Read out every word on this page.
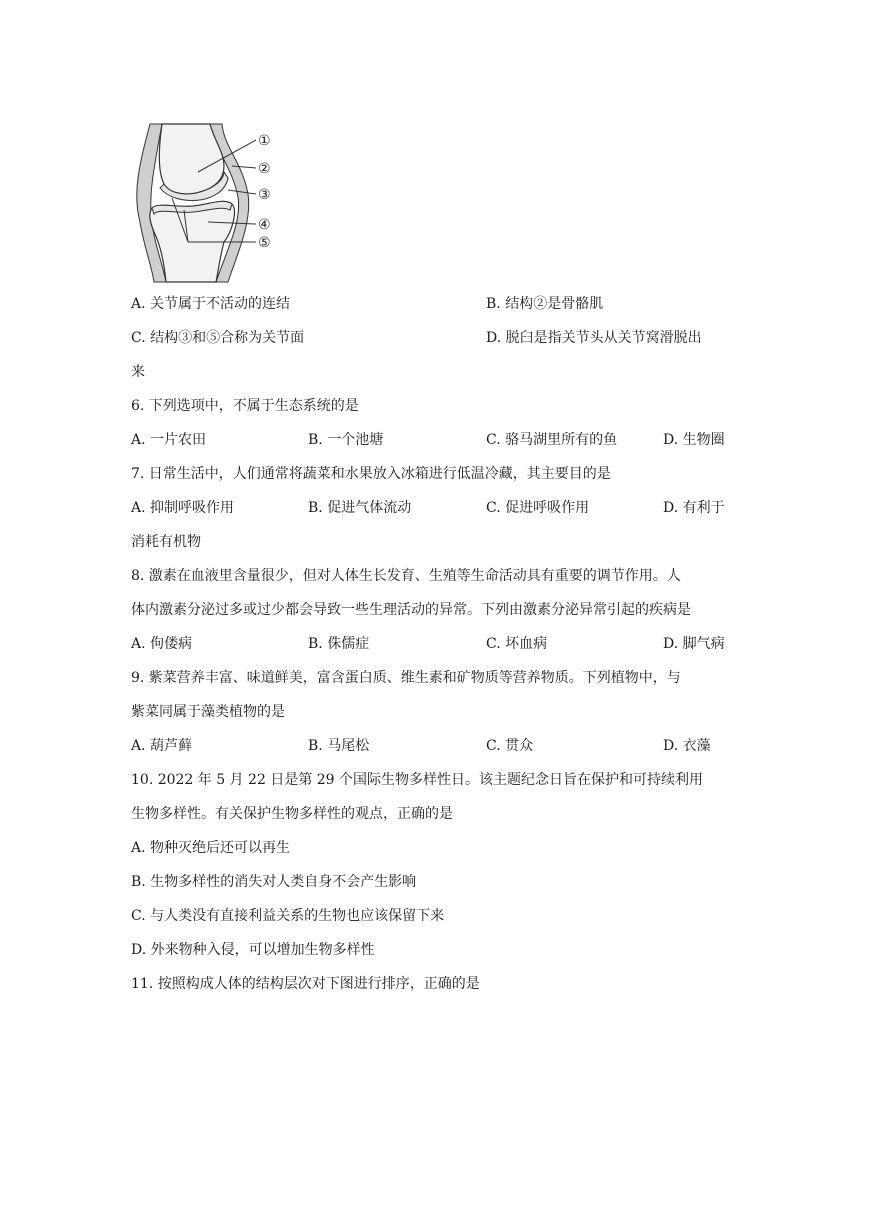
①
②
③
④
⑤
A. 关节属于不活动的连结	B. 结构②是骨骼肌
C. 结构③和⑤合称为关节面	D. 脱臼是指关节头从关节窝滑脱出
来
6. 下列选项中，不属于生态系统的是
A. 一片农田	B. 一个池塘	C. 骆马湖里所有的鱼	D. 生物圈
7. 日常生活中，人们通常将蔬菜和水果放入冰箱进行低温冷藏，其主要目的是
A. 抑制呼吸作用	B. 促进气体流动	C. 促进呼吸作用	D. 有利于
消耗有机物
8. 激素在血液里含量很少，但对人体生长发育、生殖等生命活动具有重要的调节作用。人
体内激素分泌过多或过少都会导致一些生理活动的异常。下列由激素分泌异常引起的疾病是
A. 佝偻病	B. 侏儒症	C. 坏血病	D. 脚气病
9. 紫菜营养丰富、味道鲜美，富含蛋白质、维生素和矿物质等营养物质。下列植物中，与
紫菜同属于藻类植物的是
A. 葫芦藓	B. 马尾松	C. 贯众	D. 衣藻
10. 2022 年 5 月 22 日是第 29 个国际生物多样性日。该主题纪念日旨在保护和可持续利用
生物多样性。有关保护生物多样性的观点，正确的是
A. 物种灭绝后还可以再生
B. 生物多样性的消失对人类自身不会产生影响
C. 与人类没有直接利益关系的生物也应该保留下来
D. 外来物种入侵，可以增加生物多样性
11. 按照构成人体的结构层次对下图进行排序，正确的是
